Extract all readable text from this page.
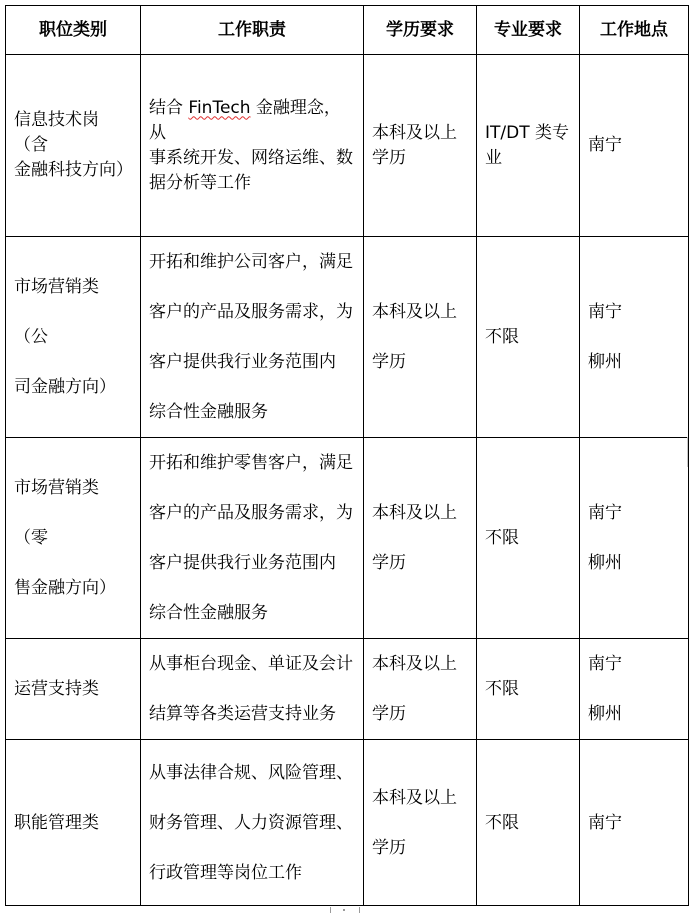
职位类别	工作职责	学历要求	专业要求	工作地点

信息技术岗（含
金融科技方向）	结合 FinTech 金融理念，从
事系统开发、网络运维、数
据分析等工作	本科及以上
学历	IT/DT 类专
业	南宁

市场营销类（公
司金融方向）	开拓和维护公司客户，满足
客户的产品及服务需求，为
客户提供我行业务范围内
综合性金融服务	本科及以上
学历	不限	南宁
柳州

市场营销类（零
售金融方向）	开拓和维护零售客户，满足
客户的产品及服务需求，为
客户提供我行业务范围内
综合性金融服务	本科及以上
学历	不限	南宁
柳州

运营支持类	从事柜台现金、单证及会计
结算等各类运营支持业务	本科及以上
学历	不限	南宁
柳州

职能管理类	从事法律合规、风险管理、
财务管理、人力资源管理、
行政管理等岗位工作	本科及以上
学历	不限	南宁
